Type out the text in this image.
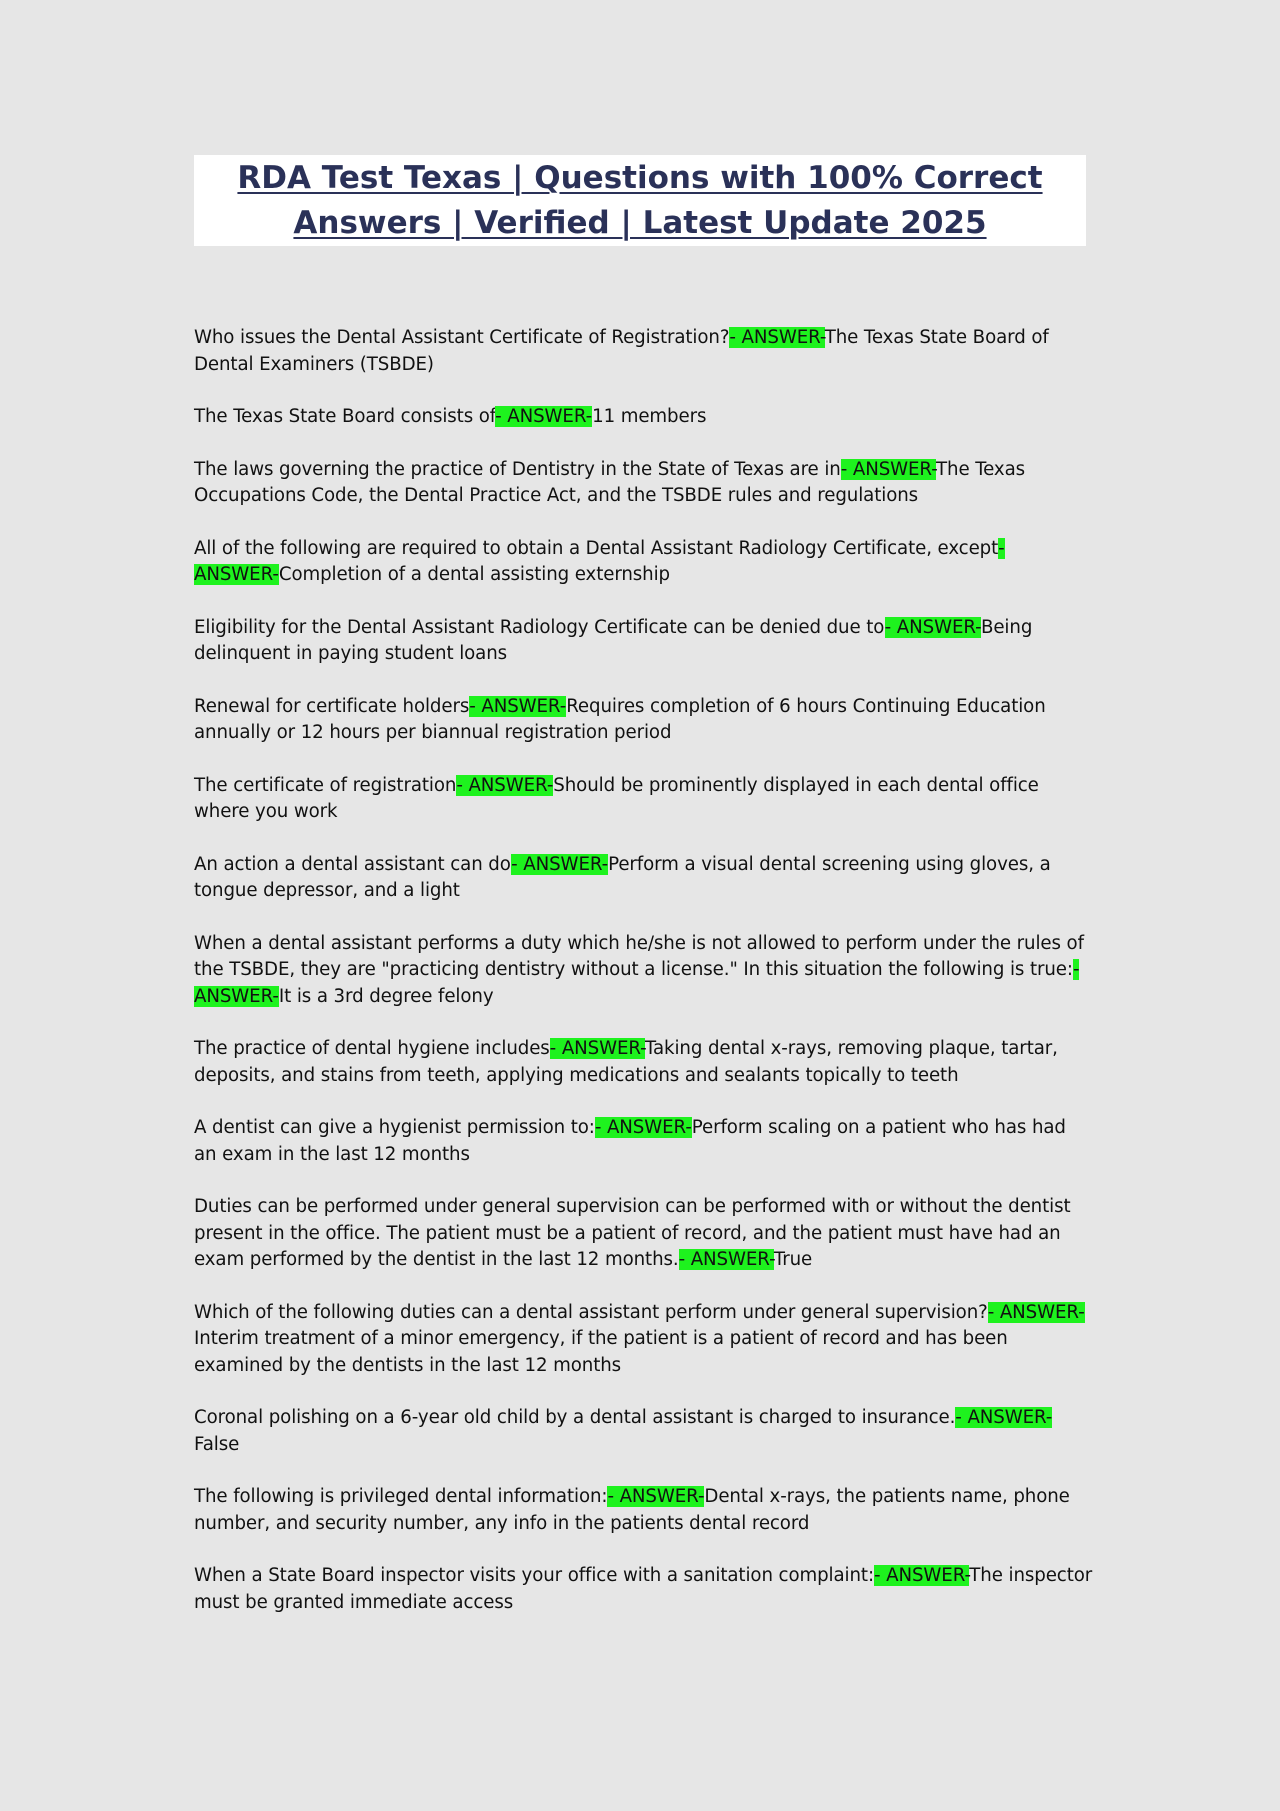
RDA Test Texas | Questions with 100% Correct Answers | Verified | Latest Update 2025

Who issues the Dental Assistant Certificate of Registration?- ANSWER-The Texas State Board of Dental Examiners (TSBDE)

The Texas State Board consists of- ANSWER-11 members

The laws governing the practice of Dentistry in the State of Texas are in- ANSWER-The Texas Occupations Code, the Dental Practice Act, and the TSBDE rules and regulations

All of the following are required to obtain a Dental Assistant Radiology Certificate, except- ANSWER-Completion of a dental assisting externship

Eligibility for the Dental Assistant Radiology Certificate can be denied due to- ANSWER-Being delinquent in paying student loans

Renewal for certificate holders- ANSWER-Requires completion of 6 hours Continuing Education annually or 12 hours per biannual registration period

The certificate of registration- ANSWER-Should be prominently displayed in each dental office where you work

An action a dental assistant can do- ANSWER-Perform a visual dental screening using gloves, a tongue depressor, and a light

When a dental assistant performs a duty which he/she is not allowed to perform under the rules of the TSBDE, they are "practicing dentistry without a license." In this situation the following is true:- ANSWER-It is a 3rd degree felony

The practice of dental hygiene includes- ANSWER-Taking dental x-rays, removing plaque, tartar, deposits, and stains from teeth, applying medications and sealants topically to teeth

A dentist can give a hygienist permission to:- ANSWER-Perform scaling on a patient who has had an exam in the last 12 months

Duties can be performed under general supervision can be performed with or without the dentist present in the office. The patient must be a patient of record, and the patient must have had an exam performed by the dentist in the last 12 months.- ANSWER-True

Which of the following duties can a dental assistant perform under general supervision?- ANSWER-Interim treatment of a minor emergency, if the patient is a patient of record and has been examined by the dentists in the last 12 months

Coronal polishing on a 6-year old child by a dental assistant is charged to insurance.- ANSWER-False

The following is privileged dental information:- ANSWER-Dental x-rays, the patients name, phone number, and security number, any info in the patients dental record

When a State Board inspector visits your office with a sanitation complaint:- ANSWER-The inspector must be granted immediate access
